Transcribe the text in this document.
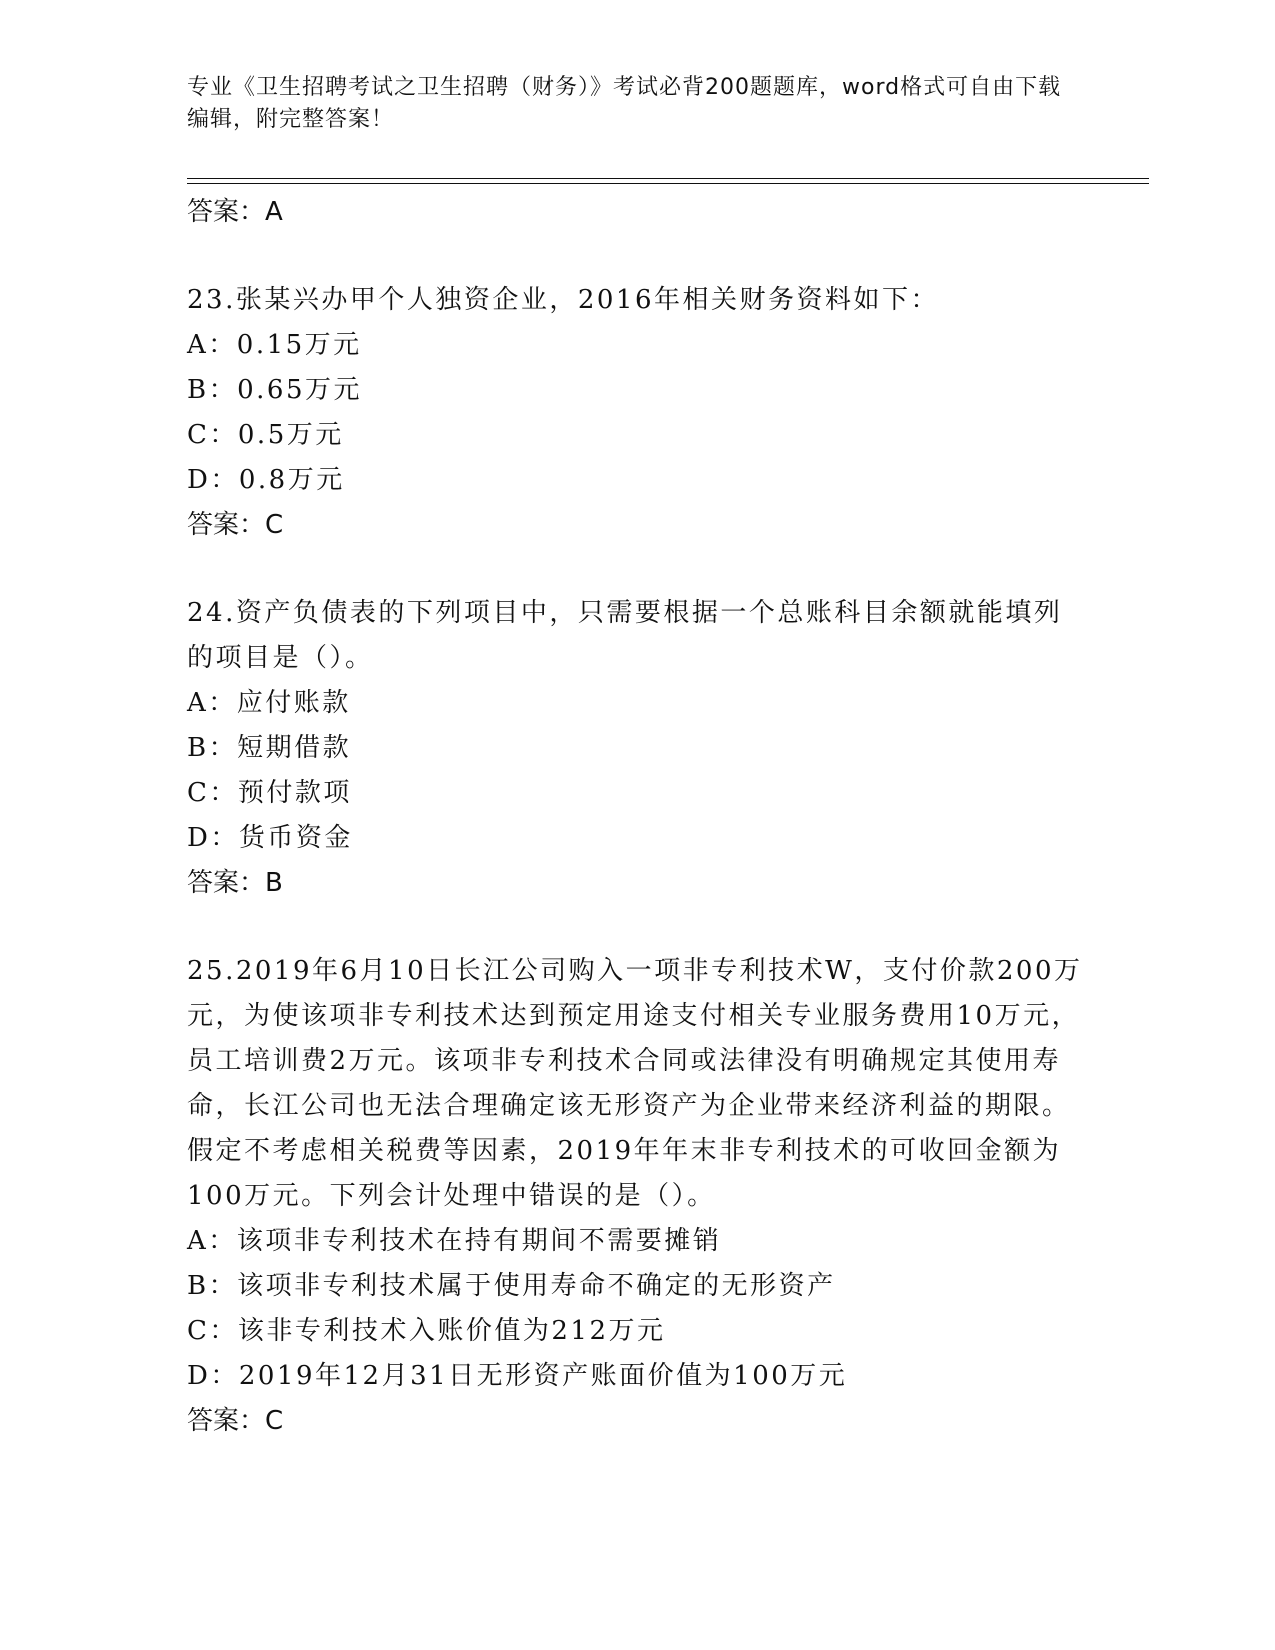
专业《卫生招聘考试之卫生招聘（财务）》考试必背200题题库，word格式可自由下载编辑，附完整答案！
答案：A
23.张某兴办甲个人独资企业，2016年相关财务资料如下：
A：0.15万元
B：0.65万元
C：0.5万元
D：0.8万元
答案：C
24.资产负债表的下列项目中，只需要根据一个总账科目余额就能填列的项目是（）。
A：应付账款
B：短期借款
C：预付款项
D：货币资金
答案：B
25.2019年6月10日长江公司购入一项非专利技术W，支付价款200万元，为使该项非专利技术达到预定用途支付相关专业服务费用10万元，员工培训费2万元。该项非专利技术合同或法律没有明确规定其使用寿命，长江公司也无法合理确定该无形资产为企业带来经济利益的期限。假定不考虑相关税费等因素，2019年年末非专利技术的可收回金额为100万元。下列会计处理中错误的是（）。
A：该项非专利技术在持有期间不需要摊销
B：该项非专利技术属于使用寿命不确定的无形资产
C：该非专利技术入账价值为212万元
D：2019年12月31日无形资产账面价值为100万元
答案：C
